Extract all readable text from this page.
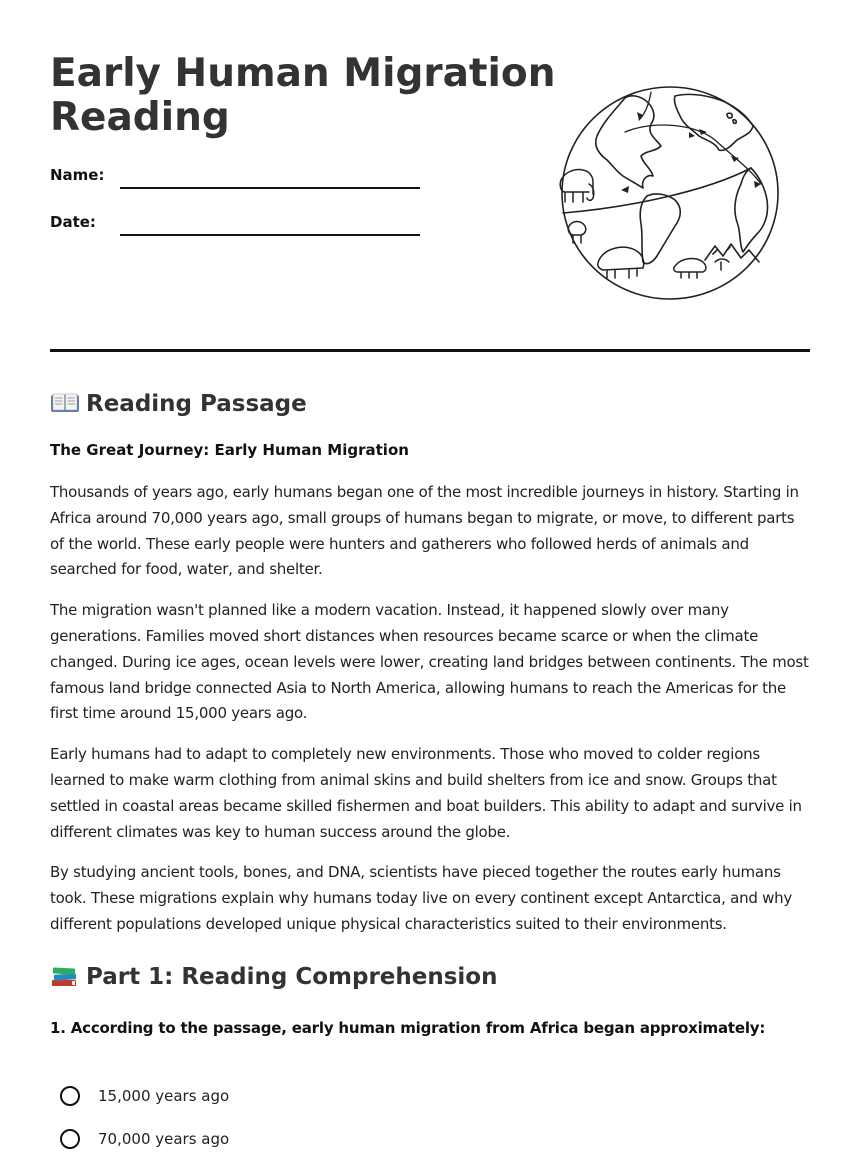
Early Human Migration Reading
Name:
Date:
Reading Passage
The Great Journey: Early Human Migration

Thousands of years ago, early humans began one of the most incredible journeys in history. Starting in Africa around 70,000 years ago, small groups of humans began to migrate, or move, to different parts of the world. These early people were hunters and gatherers who followed herds of animals and searched for food, water, and shelter.

The migration wasn't planned like a modern vacation. Instead, it happened slowly over many generations. Families moved short distances when resources became scarce or when the climate changed. During ice ages, ocean levels were lower, creating land bridges between continents. The most famous land bridge connected Asia to North America, allowing humans to reach the Americas for the first time around 15,000 years ago.

Early humans had to adapt to completely new environments. Those who moved to colder regions learned to make warm clothing from animal skins and build shelters from ice and snow. Groups that settled in coastal areas became skilled fishermen and boat builders. This ability to adapt and survive in different climates was key to human success around the globe.

By studying ancient tools, bones, and DNA, scientists have pieced together the routes early humans took. These migrations explain why humans today live on every continent except Antarctica, and why different populations developed unique physical characteristics suited to their environments.

Part 1: Reading Comprehension
1. According to the passage, early human migration from Africa began approximately:
15,000 years ago
70,000 years ago
